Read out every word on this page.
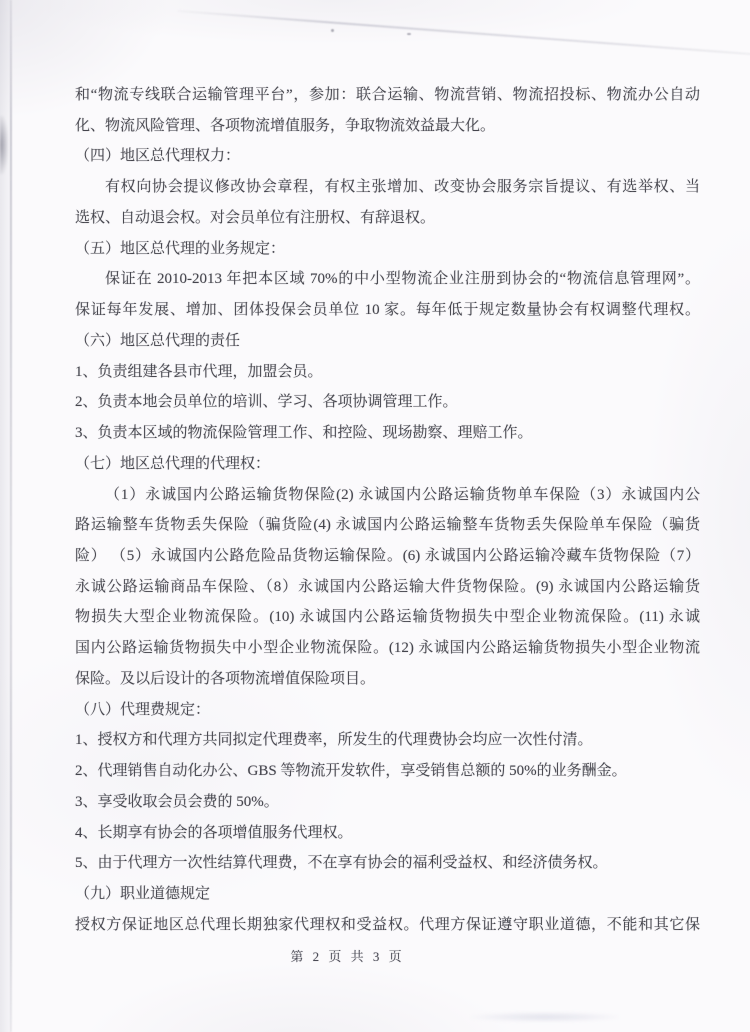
和“物流专线联合运输管理平台”，参加：联合运输、物流营销、物流招投标、物流办公自动
化、物流风险管理、各项物流增值服务，争取物流效益最大化。
（四）地区总代理权力：
有权向协会提议修改协会章程，有权主张增加、改变协会服务宗旨提议、有选举权、当
选权、自动退会权。对会员单位有注册权、有辞退权。
（五）地区总代理的业务规定：
保证在 2010-2013 年把本区域 70%的中小型物流企业注册到协会的“物流信息管理网”。
保证每年发展、增加、团体投保会员单位 10 家。每年低于规定数量协会有权调整代理权。
（六）地区总代理的责任
1、负责组建各县市代理，加盟会员。
2、负责本地会员单位的培训、学习、各项协调管理工作。
3、负责本区域的物流保险管理工作、和控险、现场勘察、理赔工作。
（七）地区总代理的代理权：
（1）永诚国内公路运输货物保险(2) 永诚国内公路运输货物单车保险（3）永诚国内公
路运输整车货物丢失保险（骗货险(4) 永诚国内公路运输整车货物丢失保险单车保险（骗货
险） （5）永诚国内公路危险品货物运输保险。(6) 永诚国内公路运输冷藏车货物保险（7）
永诚公路运输商品车保险、（8）永诚国内公路运输大件货物保险。(9) 永诚国内公路运输货
物损失大型企业物流保险。(10) 永诚国内公路运输货物损失中型企业物流保险。(11) 永诚
国内公路运输货物损失中小型企业物流保险。(12) 永诚国内公路运输货物损失小型企业物流
保险。及以后设计的各项物流增值保险项目。
（八）代理费规定：
1、授权方和代理方共同拟定代理费率，所发生的代理费协会均应一次性付清。
2、代理销售自动化办公、GBS 等物流开发软件，享受销售总额的 50%的业务酬金。
3、享受收取会员会费的 50%。
4、长期享有协会的各项增值服务代理权。
5、由于代理方一次性结算代理费，不在享有协会的福利受益权、和经济债务权。
（九）职业道德规定
授权方保证地区总代理长期独家代理权和受益权。代理方保证遵守职业道德，不能和其它保
第 2 页 共 3 页
